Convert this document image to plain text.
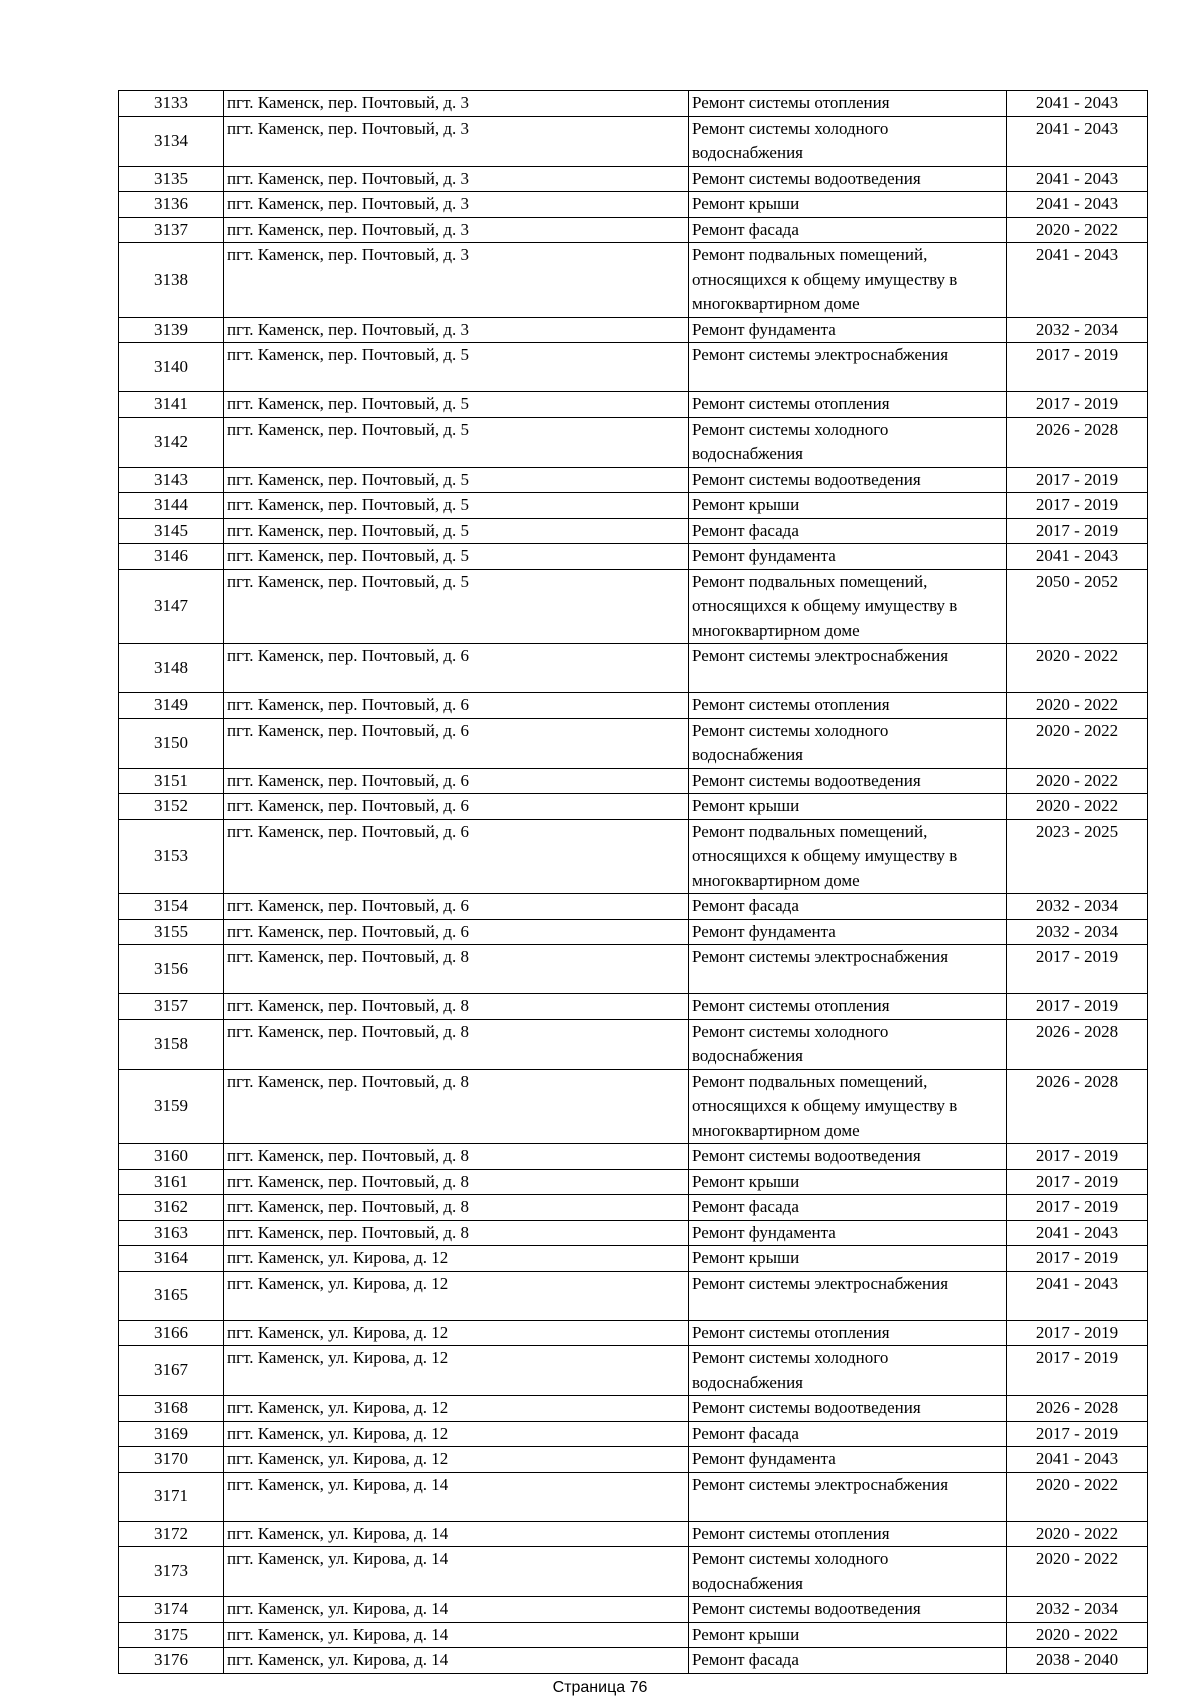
3133	пгт. Каменск, пер. Почтовый, д. 3	Ремонт системы отопления	2041 - 2043
3134	пгт. Каменск, пер. Почтовый, д. 3	Ремонт системы холодного водоснабжения	2041 - 2043
3135	пгт. Каменск, пер. Почтовый, д. 3	Ремонт системы водоотведения	2041 - 2043
3136	пгт. Каменск, пер. Почтовый, д. 3	Ремонт крыши	2041 - 2043
3137	пгт. Каменск, пер. Почтовый, д. 3	Ремонт фасада	2020 - 2022
3138	пгт. Каменск, пер. Почтовый, д. 3	Ремонт подвальных помещений, относящихся к общему имуществу в многоквартирном доме	2041 - 2043
3139	пгт. Каменск, пер. Почтовый, д. 3	Ремонт фундамента	2032 - 2034
3140	пгт. Каменск, пер. Почтовый, д. 5	Ремонт системы электроснабжения	2017 - 2019
3141	пгт. Каменск, пер. Почтовый, д. 5	Ремонт системы отопления	2017 - 2019
3142	пгт. Каменск, пер. Почтовый, д. 5	Ремонт системы холодного водоснабжения	2026 - 2028
3143	пгт. Каменск, пер. Почтовый, д. 5	Ремонт системы водоотведения	2017 - 2019
3144	пгт. Каменск, пер. Почтовый, д. 5	Ремонт крыши	2017 - 2019
3145	пгт. Каменск, пер. Почтовый, д. 5	Ремонт фасада	2017 - 2019
3146	пгт. Каменск, пер. Почтовый, д. 5	Ремонт фундамента	2041 - 2043
3147	пгт. Каменск, пер. Почтовый, д. 5	Ремонт подвальных помещений, относящихся к общему имуществу в многоквартирном доме	2050 - 2052
3148	пгт. Каменск, пер. Почтовый, д. 6	Ремонт системы электроснабжения	2020 - 2022
3149	пгт. Каменск, пер. Почтовый, д. 6	Ремонт системы отопления	2020 - 2022
3150	пгт. Каменск, пер. Почтовый, д. 6	Ремонт системы холодного водоснабжения	2020 - 2022
3151	пгт. Каменск, пер. Почтовый, д. 6	Ремонт системы водоотведения	2020 - 2022
3152	пгт. Каменск, пер. Почтовый, д. 6	Ремонт крыши	2020 - 2022
3153	пгт. Каменск, пер. Почтовый, д. 6	Ремонт подвальных помещений, относящихся к общему имуществу в многоквартирном доме	2023 - 2025
3154	пгт. Каменск, пер. Почтовый, д. 6	Ремонт фасада	2032 - 2034
3155	пгт. Каменск, пер. Почтовый, д. 6	Ремонт фундамента	2032 - 2034
3156	пгт. Каменск, пер. Почтовый, д. 8	Ремонт системы электроснабжения	2017 - 2019
3157	пгт. Каменск, пер. Почтовый, д. 8	Ремонт системы отопления	2017 - 2019
3158	пгт. Каменск, пер. Почтовый, д. 8	Ремонт системы холодного водоснабжения	2026 - 2028
3159	пгт. Каменск, пер. Почтовый, д. 8	Ремонт подвальных помещений, относящихся к общему имуществу в многоквартирном доме	2026 - 2028
3160	пгт. Каменск, пер. Почтовый, д. 8	Ремонт системы водоотведения	2017 - 2019
3161	пгт. Каменск, пер. Почтовый, д. 8	Ремонт крыши	2017 - 2019
3162	пгт. Каменск, пер. Почтовый, д. 8	Ремонт фасада	2017 - 2019
3163	пгт. Каменск, пер. Почтовый, д. 8	Ремонт фундамента	2041 - 2043
3164	пгт. Каменск, ул. Кирова, д. 12	Ремонт крыши	2017 - 2019
3165	пгт. Каменск, ул. Кирова, д. 12	Ремонт системы электроснабжения	2041 - 2043
3166	пгт. Каменск, ул. Кирова, д. 12	Ремонт системы отопления	2017 - 2019
3167	пгт. Каменск, ул. Кирова, д. 12	Ремонт системы холодного водоснабжения	2017 - 2019
3168	пгт. Каменск, ул. Кирова, д. 12	Ремонт системы водоотведения	2026 - 2028
3169	пгт. Каменск, ул. Кирова, д. 12	Ремонт фасада	2017 - 2019
3170	пгт. Каменск, ул. Кирова, д. 12	Ремонт фундамента	2041 - 2043
3171	пгт. Каменск, ул. Кирова, д. 14	Ремонт системы электроснабжения	2020 - 2022
3172	пгт. Каменск, ул. Кирова, д. 14	Ремонт системы отопления	2020 - 2022
3173	пгт. Каменск, ул. Кирова, д. 14	Ремонт системы холодного водоснабжения	2020 - 2022
3174	пгт. Каменск, ул. Кирова, д. 14	Ремонт системы водоотведения	2032 - 2034
3175	пгт. Каменск, ул. Кирова, д. 14	Ремонт крыши	2020 - 2022
3176	пгт. Каменск, ул. Кирова, д. 14	Ремонт фасада	2038 - 2040
Страница 76
